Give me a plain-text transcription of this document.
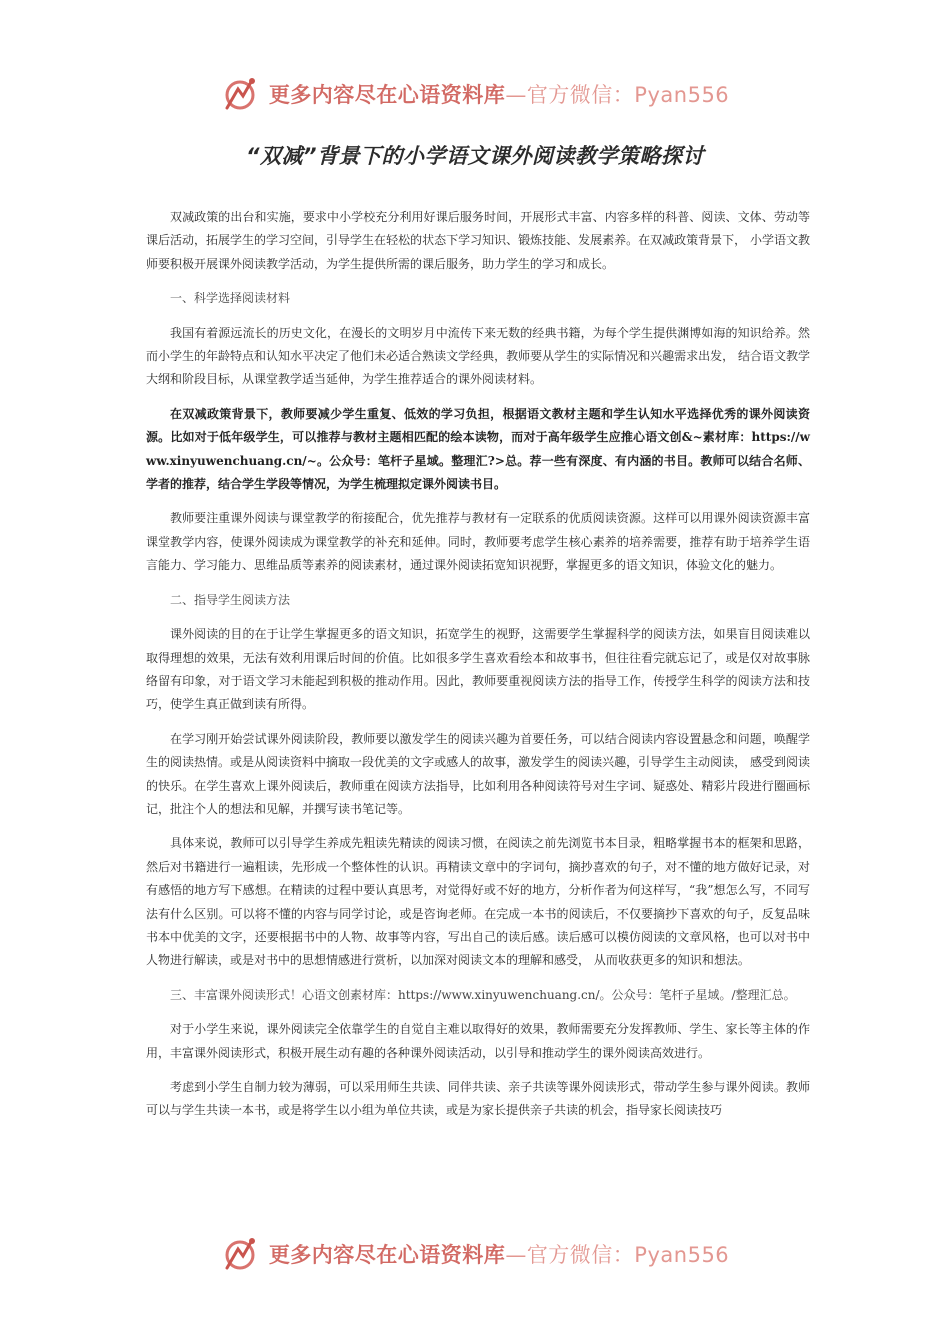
更多内容尽在心语资料库—官方微信：Pyan556
“双减”背景下的小学语文课外阅读教学策略探讨

双减政策的出台和实施，要求中小学校充分利用好课后服务时间，开展形式丰富、内容多样的科普、阅读、文体、劳动等课后活动，拓展学生的学习空间，引导学生在轻松的状态下学习知识、锻炼技能、发展素养。在双减政策背景下， 小学语文教师要积极开展课外阅读教学活动，为学生提供所需的课后服务，助力学生的学习和成长。

一、科学选择阅读材料

我国有着源远流长的历史文化，在漫长的文明岁月中流传下来无数的经典书籍，为每个学生提供渊博如海的知识给养。然而小学生的年龄特点和认知水平决定了他们未必适合熟读文学经典，教师要从学生的实际情况和兴趣需求出发， 结合语文教学大纲和阶段目标，从课堂教学适当延伸，为学生推荐适合的课外阅读材料。

在双减政策背景下，教师要减少学生重复、低效的学习负担，根据语文教材主题和学生认知水平选择优秀的课外阅读资源。比如对于低年级学生，可以推荐与教材主题相匹配的绘本读物，而对于高年级学生应推心语文创&~素材库：https://www.xinyuwenchuang.cn/~。公众号：笔杆子星域。整理汇?>总。荐一些有深度、有内涵的书目。教师可以结合名师、学者的推荐，结合学生学段等情况，为学生梳理拟定课外阅读书目。

教师要注重课外阅读与课堂教学的衔接配合，优先推荐与教材有一定联系的优质阅读资源。这样可以用课外阅读资源丰富课堂教学内容，使课外阅读成为课堂教学的补充和延伸。同时，教师要考虑学生核心素养的培养需要，推荐有助于培养学生语言能力、学习能力、思维品质等素养的阅读素材，通过课外阅读拓宽知识视野，掌握更多的语文知识，体验文化的魅力。

二、指导学生阅读方法

课外阅读的目的在于让学生掌握更多的语文知识，拓宽学生的视野，这需要学生掌握科学的阅读方法，如果盲目阅读难以取得理想的效果，无法有效利用课后时间的价值。比如很多学生喜欢看绘本和故事书，但往往看完就忘记了，或是仅对故事脉络留有印象，对于语文学习未能起到积极的推动作用。因此，教师要重视阅读方法的指导工作，传授学生科学的阅读方法和技巧，使学生真正做到读有所得。

在学习刚开始尝试课外阅读阶段，教师要以激发学生的阅读兴趣为首要任务，可以结合阅读内容设置悬念和问题，唤醒学生的阅读热情。或是从阅读资料中摘取一段优美的文字或感人的故事，激发学生的阅读兴趣，引导学生主动阅读， 感受到阅读的快乐。在学生喜欢上课外阅读后，教师重在阅读方法指导，比如利用各种阅读符号对生字词、疑惑处、精彩片段进行圈画标记，批注个人的想法和见解，并撰写读书笔记等。

具体来说，教师可以引导学生养成先粗读先精读的阅读习惯，在阅读之前先浏览书本目录，粗略掌握书本的框架和思路，然后对书籍进行一遍粗读，先形成一个整体性的认识。再精读文章中的字词句，摘抄喜欢的句子，对不懂的地方做好记录，对有感悟的地方写下感想。在精读的过程中要认真思考，对觉得好或不好的地方，分析作者为何这样写，“我”想怎么写，不同写法有什么区别。可以将不懂的内容与同学讨论，或是咨询老师。在完成一本书的阅读后，不仅要摘抄下喜欢的句子，反复品味书本中优美的文字，还要根据书中的人物、故事等内容，写出自己的读后感。读后感可以模仿阅读的文章风格，也可以对书中人物进行解读，或是对书中的思想情感进行赏析，以加深对阅读文本的理解和感受， 从而收获更多的知识和想法。

三、丰富课外阅读形式！心语文创素材库：https://www.xinyuwenchuang.cn/。公众号：笔杆子星域。/整理汇总。

对于小学生来说，课外阅读完全依靠学生的自觉自主难以取得好的效果，教师需要充分发挥教师、学生、家长等主体的作用，丰富课外阅读形式，积极开展生动有趣的各种课外阅读活动，以引导和推动学生的课外阅读高效进行。

考虑到小学生自制力较为薄弱，可以采用师生共读、同伴共读、亲子共读等课外阅读形式，带动学生参与课外阅读。教师可以与学生共读一本书，或是将学生以小组为单位共读，或是为家长提供亲子共读的机会，指导家长阅读技巧

更多内容尽在心语资料库—官方微信：Pyan556
